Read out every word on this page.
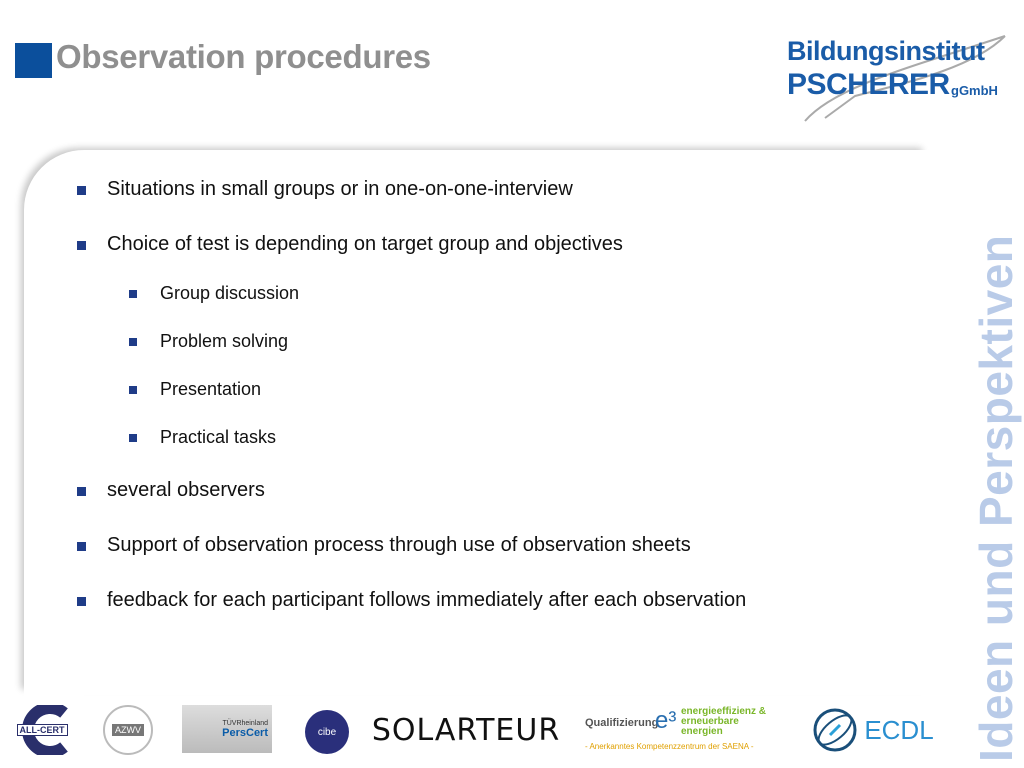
Observation procedures	Bildungsinstitut
PSCHERER gGmbH
Situations in small groups or in one-on-one-interview
Choice of test is depending on target group and objectives
Group discussion
Problem solving
Presentation
Practical tasks
several observers
Support of observation process through use of observation sheets
feedback for each participant follows immediately after each observation	Ideen und Perspektiven
ALL-CERT	AZWV
TÜVRheinland
PersCert	cibe SOLARTEUR Qualifizierung
e³ energieeffizienz & erneuerbare energien
- Anerkanntes Kompetenzzentrum der SAENA -
ECDL
